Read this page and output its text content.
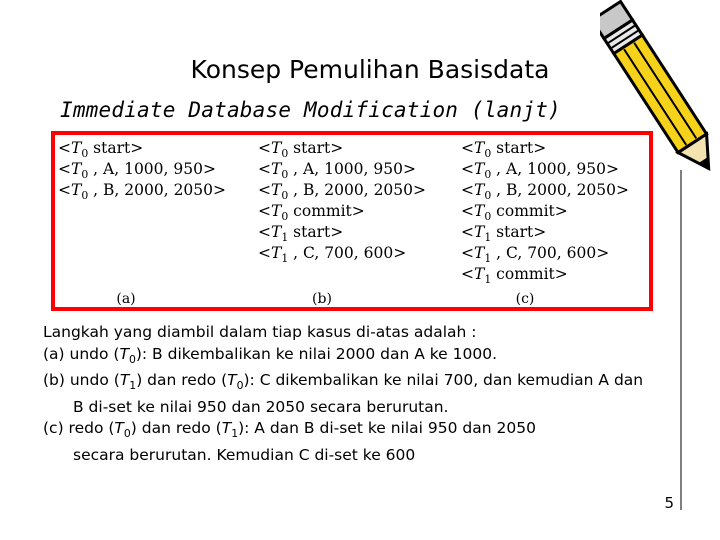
Konsep Pemulihan Basisdata
Immediate Database Modification (lanjt)
$<T_0$ start>
$<T_0$ , A, 1000, 950>
$<T_0$ , B, 2000, 2050>
(a)
$<T_0$ start>
$<T_0$ , A, 1000, 950>
$<T_0$ , B, 2000, 2050>
$<T_0$ commit>
$<T_1$ start>
$<T_1$ , C, 700, 600>
(b)
$<T_0$ start>
$<T_0$ , A, 1000, 950>
$<T_0$ , B, 2000, 2050>
$<T_0$ commit>
$<T_1$ start>
$<T_1$ , C, 700, 600>
$<T_1$ commit>
(c)
Langkah yang diambil dalam tiap kasus di-atas adalah :
(a) undo $(T_0)$: B dikembalikan ke nilai 2000 dan A ke 1000.
(b) undo $(T_1)$ dan redo $(T_0)$: C dikembalikan ke nilai 700, dan kemudian A dan
B di-set ke nilai 950 dan 2050 secara berurutan.
(c) redo $(T_0)$ dan redo $(T_1)$: A dan B di-set ke nilai 950 dan 2050
secara berurutan. Kemudian C di-set ke 600
5
